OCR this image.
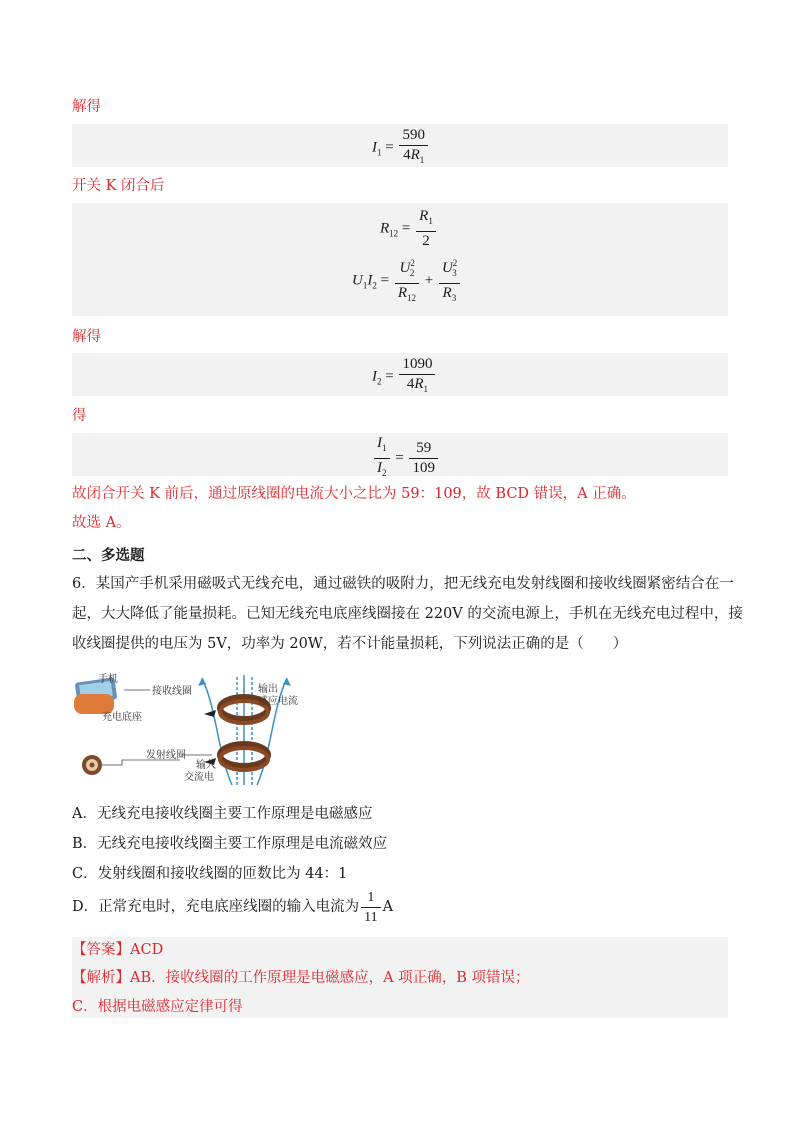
解得
$I_1 = \frac{590}{4R_1}$
开关 K 闭合后
$R_{12} = \frac{R_1}{2}$
$U_1I_2 = \frac{U^2_2}{R_{12}} + \frac{U^2_3}{R_3}$
解得
$I_2 = \frac{1090}{4R_1}$
得
$\frac{I_1}{I_2} = \frac{59}{109}$
故闭合开关 K 前后，通过原线圈的电流大小之比为 59：109，故 BCD 错误，A 正确。
故选 A。
二、多选题
6．某国产手机采用磁吸式无线充电，通过磁铁的吸附力，把无线充电发射线圈和接收线圈紧密结合在一
起，大大降低了能量损耗。已知无线充电底座线圈接在 220V 的交流电源上，手机在无线充电过程中，接
收线圈提供的电压为 5V，功率为 20W，若不计能量损耗，下列说法正确的是（　　）
手机
充电底座
接收线圈	输出
感应电流
发射线圈
输入
交流电
A．无线充电接收线圈主要工作原理是电磁感应
B．无线充电接收线圈主要工作原理是电流磁效应
C．发射线圈和接收线圈的匝数比为 44：1
D．正常充电时，充电底座线圈的输入电流为 $\frac{1}{11}$ A
【答案】ACD
【解析】AB．接收线圈的工作原理是电磁感应，A 项正确，B 项错误；
C．根据电磁感应定律可得
